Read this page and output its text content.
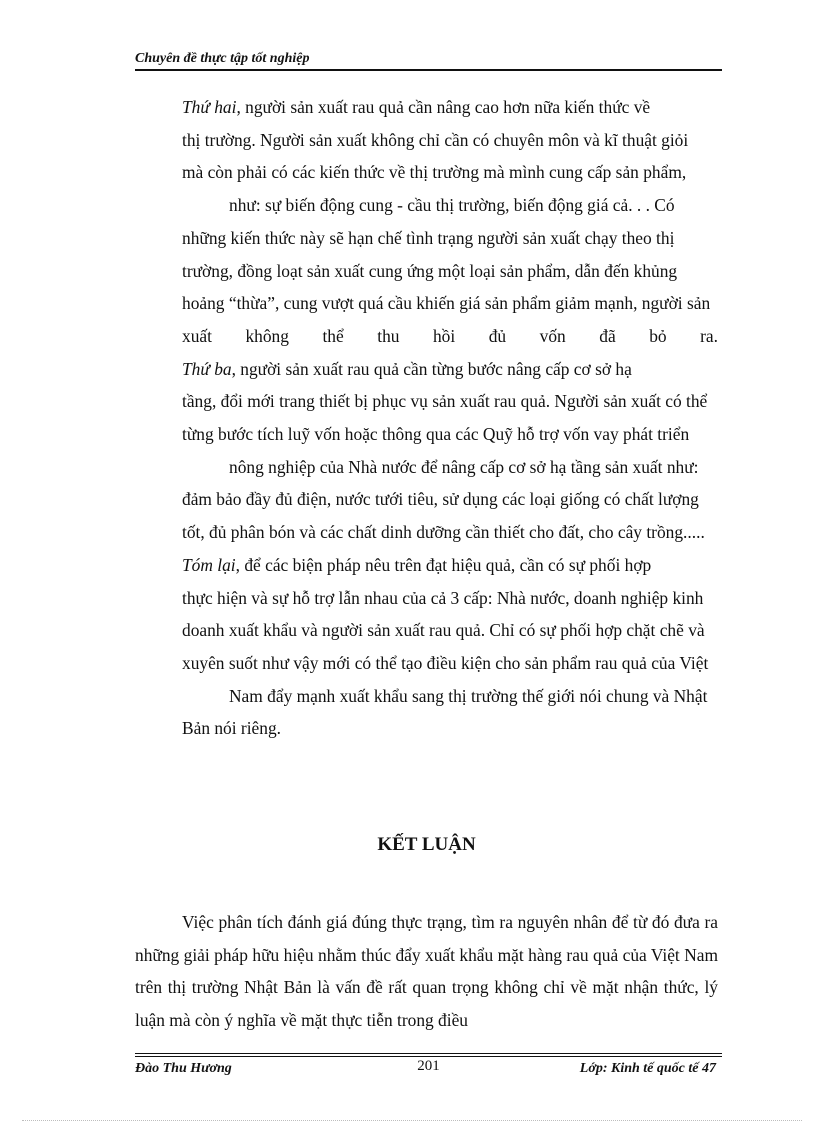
Chuyên đề thực tập tốt nghiệp

Thứ hai, người sản xuất rau quả cần nâng cao hơn nữa kiến thức về
thị trường. Người sản xuất không chỉ cần có chuyên môn và kĩ thuật giỏi
mà còn phải có các kiến thức về thị trường mà mình cung cấp sản phẩm,
như: sự biến động cung - cầu thị trường, biến động giá cả. . . Có
những kiến thức này sẽ hạn chế tình trạng người sản xuất chạy theo thị
trường, đồng loạt sản xuất cung ứng một loại sản phẩm, dẫn đến khủng
hoảng “thừa”, cung vượt quá cầu khiến giá sản phẩm giảm mạnh, người sản
xuất không thể thu hồi đủ vốn đã bỏ ra.

Thứ ba, người sản xuất rau quả cần từng bước nâng cấp cơ sở hạ
tầng, đổi mới trang thiết bị phục vụ sản xuất rau quả. Người sản xuất có thể
từng bước tích luỹ vốn hoặc thông qua các Quỹ hỗ trợ vốn vay phát triển
nông nghiệp của Nhà nước để nâng cấp cơ sở hạ tầng sản xuất như:
đảm bảo đầy đủ điện, nước tưới tiêu, sử dụng các loại giống có chất lượng
tốt, đủ phân bón và các chất dinh dưỡng cần thiết cho đất, cho cây trồng.....

Tóm lại, để các biện pháp nêu trên đạt hiệu quả, cần có sự phối hợp
thực hiện và sự hỗ trợ lẫn nhau của cả 3 cấp: Nhà nước, doanh nghiệp kinh
doanh xuất khẩu và người sản xuất rau quả. Chỉ có sự phối hợp chặt chẽ và
xuyên suốt như vậy mới có thể tạo điều kiện cho sản phẩm rau quả của Việt
Nam đẩy mạnh xuất khẩu sang thị trường thế giới nói chung và Nhật
Bản nói riêng.

KẾT LUẬN

Việc phân tích đánh giá đúng thực trạng, tìm ra nguyên nhân để từ đó đưa ra những giải pháp hữu hiệu nhằm thúc đẩy xuất khẩu mặt hàng rau quả của Việt Nam trên thị trường Nhật Bản là vấn đề rất quan trọng không chỉ về mặt nhận thức, lý luận mà còn ý nghĩa về mặt thực tiễn trong điều

Đào Thu Hương	201	Lớp: Kinh tế quốc tế 47
